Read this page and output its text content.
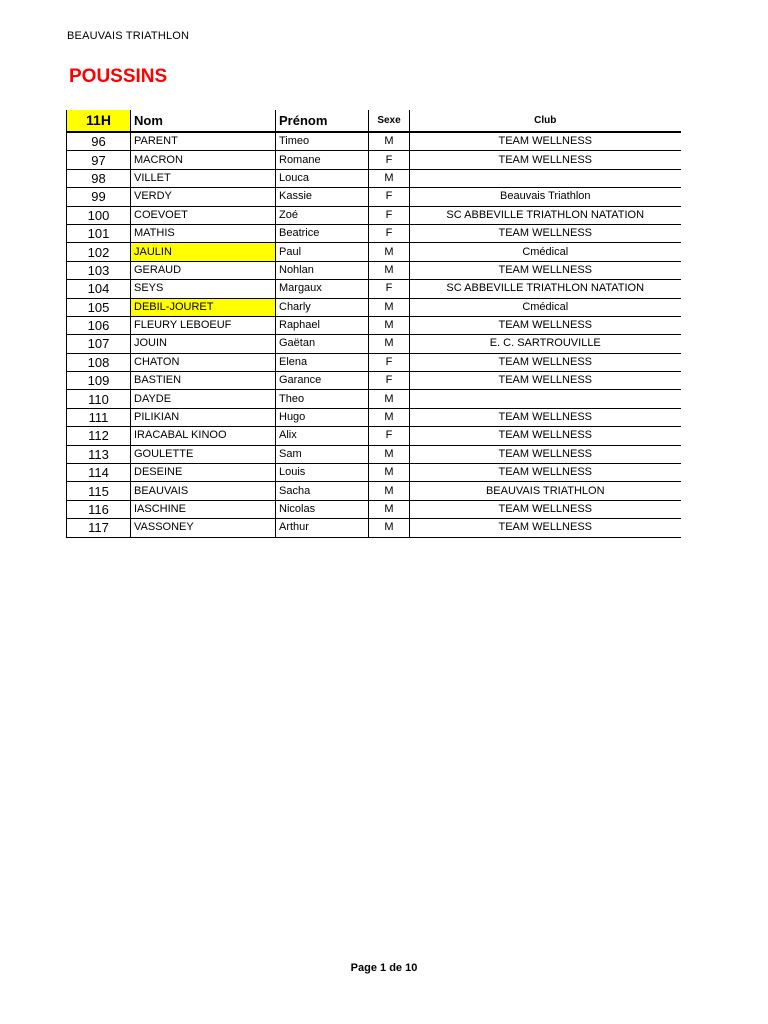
BEAUVAIS TRIATHLON
POUSSINS
11H	Nom	Prénom	Sexe	Club
96	PARENT	Timeo	M	TEAM WELLNESS
97	MACRON	Romane	F	TEAM WELLNESS
98	VILLET	Louca	M	
99	VERDY	Kassie	F	Beauvais Triathlon
100	COEVOET	Zoé	F	SC ABBEVILLE TRIATHLON NATATION
101	MATHIS	Beatrice	F	TEAM WELLNESS
102	JAULIN	Paul	M	Cmédical
103	GERAUD	Nohlan	M	TEAM WELLNESS
104	SEYS	Margaux	F	SC ABBEVILLE TRIATHLON NATATION
105	DEBIL-JOURET	Charly	M	Cmédical
106	FLEURY LEBOEUF	Raphael	M	TEAM WELLNESS
107	JOUIN	Gaëtan	M	E. C. SARTROUVILLE
108	CHATON	Elena	F	TEAM WELLNESS
109	BASTIEN	Garance	F	TEAM WELLNESS
110	DAYDE	Theo	M	
111	PILIKIAN	Hugo	M	TEAM WELLNESS
112	IRACABAL KINOO	Alix	F	TEAM WELLNESS
113	GOULETTE	Sam	M	TEAM WELLNESS
114	DESEINE	Louis	M	TEAM WELLNESS
115	BEAUVAIS	Sacha	M	BEAUVAIS TRIATHLON
116	IASCHINE	Nicolas	M	TEAM WELLNESS
117	VASSONEY	Arthur	M	TEAM WELLNESS
Page 1 de 10
